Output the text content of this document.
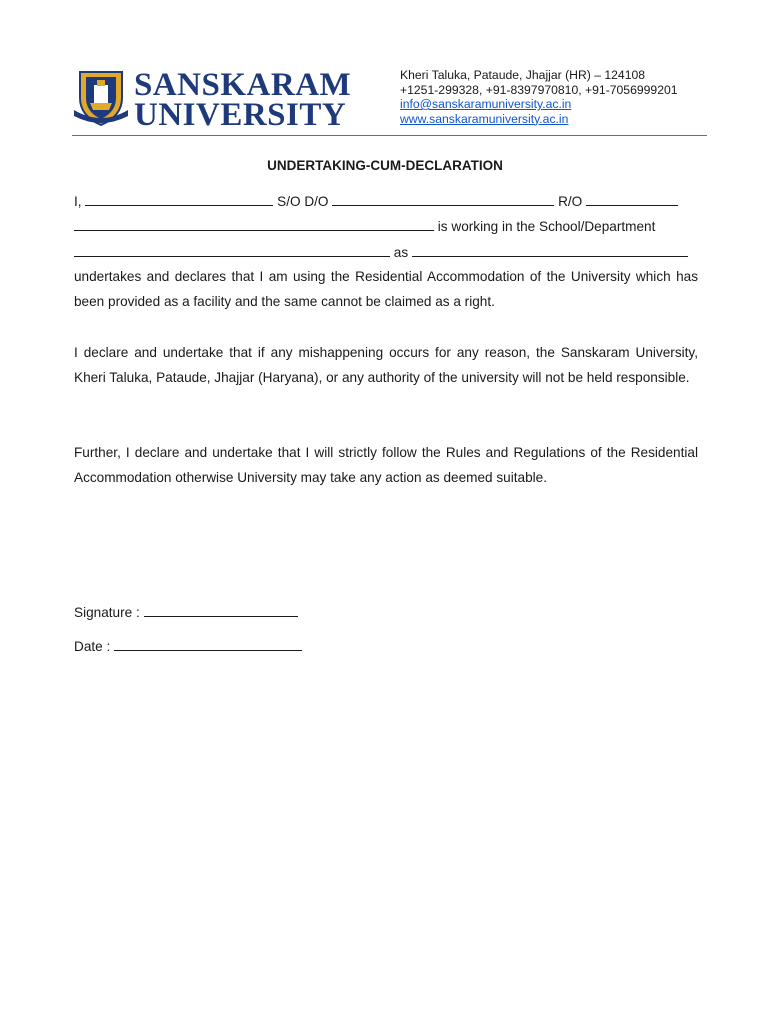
SANSKARAM
UNIVERSITY
Kheri Taluka, Pataude, Jhajjar (HR) – 124108
+1251-299328, +91-8397970810, +91-7056999201
info@sanskaramuniversity.ac.in
www.sanskaramuniversity.ac.in
UNDERTAKING-CUM-DECLARATION
I,	S/O D/O	R/O
is working in the School/Department
as
undertakes and declares that I am using the Residential Accommodation of the University which has been provided as a facility and the same cannot be claimed as a right.
I declare and undertake that if any mishappening occurs for any reason, the Sanskaram University, Kheri Taluka, Pataude, Jhajjar (Haryana), or any authority of the university will not be held responsible.
Further, I declare and undertake that I will strictly follow the Rules and Regulations of the Residential Accommodation otherwise University may take any action as deemed suitable.
Signature :
Date :
